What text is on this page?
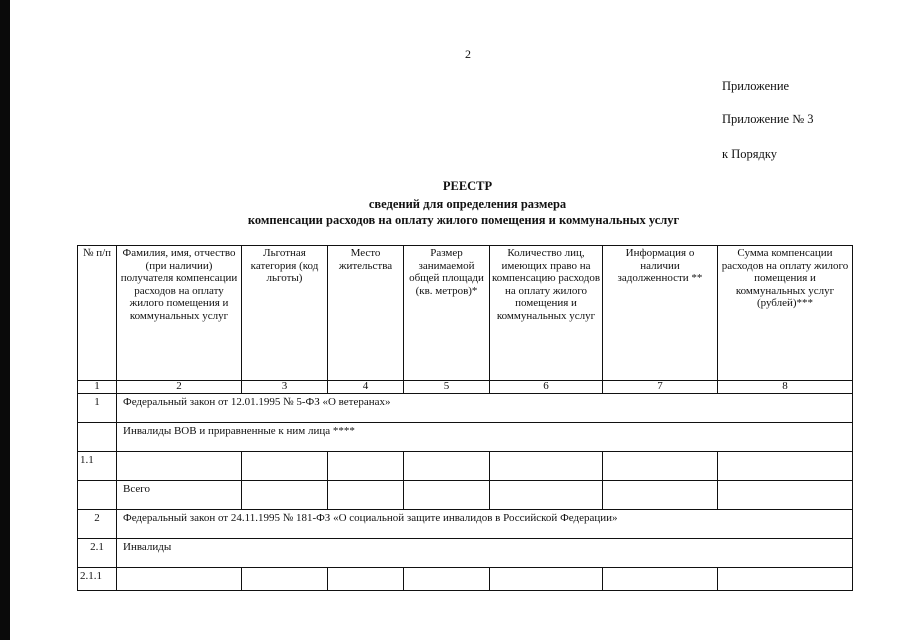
2
Приложение
Приложение № 3
к Порядку
РЕЕСТР
сведений для определения размера
компенсации расходов на оплату жилого помещения и коммунальных услуг
№ п/п	Фамилия, имя, отчество (при наличии) получателя компенсации расходов на оплату жилого помещения и коммунальных услуг	Льготная категория (код льготы)	Место жительства	Размер занимаемой общей площади (кв. метров)*	Количество лиц, имеющих право на компенсацию расходов на оплату жилого помещения и коммунальных услуг	Информация о наличии задолженности **	Сумма компенсации расходов на оплату жилого помещения и коммунальных услуг (рублей)***
1	2	3	4	5	6	7	8
1	Федеральный закон от 12.01.1995 № 5-ФЗ «О ветеранах»						
	Инвалиды ВОВ и приравненные к ним лица ****						
1.1							
	Всего						
2	Федеральный закон от 24.11.1995 № 181-ФЗ «О социальной защите инвалидов в Российской Федерации»						
2.1	Инвалиды						
2.1.1							
